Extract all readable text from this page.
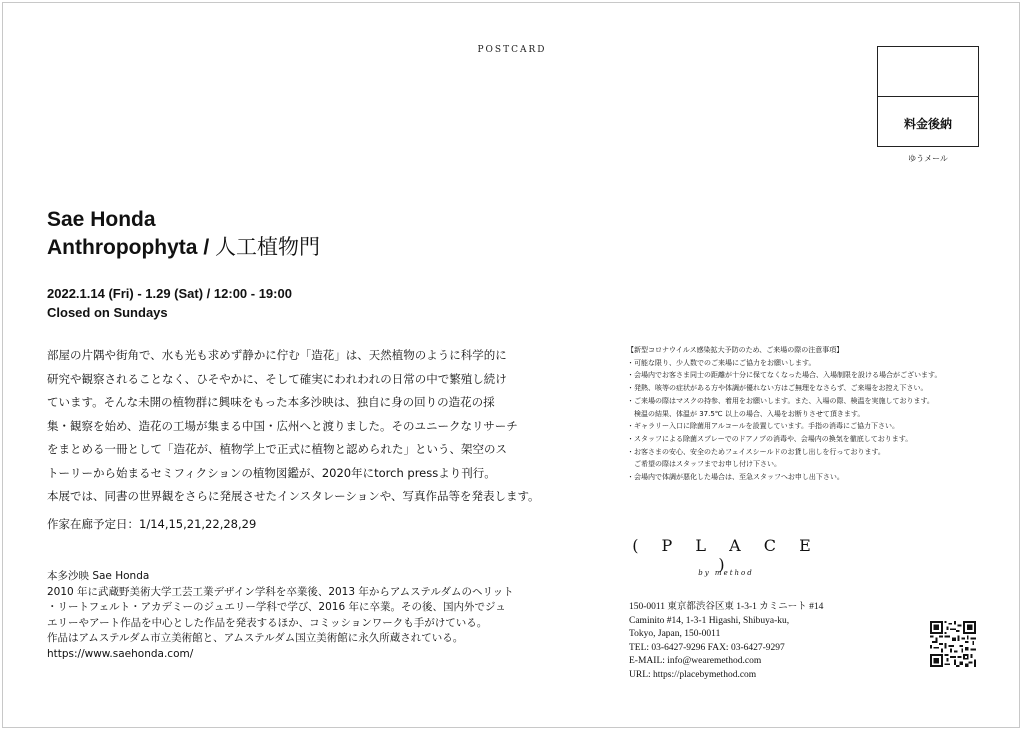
POSTCARD
料金後納
ゆうメール
Sae Honda
Anthropophyta / 人工植物門
2022.1.14 (Fri) - 1.29 (Sat) / 12:00 - 19:00
Closed on Sundays
部屋の片隅や街角で、水も光も求めず静かに佇む「造花」は、天然植物のように科学的に
研究や観察されることなく、ひそやかに、そして確実にわれわれの日常の中で繁殖し続け
ています。そんな未開の植物群に興味をもった本多沙映は、独自に身の回りの造花の採
集・観察を始め、造花の工場が集まる中国・広州へと渡りました。そのユニークなリサーチ
をまとめる一冊として「造花が、植物学上で正式に植物と認められた」という、架空のス
トーリーから始まるセミフィクションの植物図鑑が、2020年にtorch pressより刊行。
本展では、同書の世界観をさらに発展させたインスタレーションや、写真作品等を発表します。
作家在廊予定日：1/14,15,21,22,28,29
本多沙映 Sae Honda
2010 年に武蔵野美術大学工芸工業デザイン学科を卒業後、2013 年からアムステルダムのヘリット
・リートフェルト・アカデミーのジュエリー学科で学び、2016 年に卒業。その後、国内外でジュ
エリーやアート作品を中心とした作品を発表するほか、コミッションワークも手がけている。
作品はアムステルダム市立美術館と、アムステルダム国立美術館に永久所蔵されている。
https://www.saehonda.com/
【新型コロナウイルス感染拡大予防のため、ご来場の際の注意事項】
・可能な限り、少人数でのご来場にご協力をお願いします。
・会場内でお客さま同士の距離が十分に保てなくなった場合、入場制限を設ける場合がございます。
・発熱、咳等の症状がある方や体調が優れない方はご無理をなさらず、ご来場をお控え下さい。
・ご来場の際はマスクの持参、着用をお願いします。また、入場の際、検温を実施しております。
　検温の結果、体温が 37.5℃ 以上の場合、入場をお断りさせて頂きます。
・ギャラリー入口に除菌用アルコールを設置しています。手指の消毒にご協力下さい。
・スタッフによる除菌スプレーでのドアノブの消毒や、会場内の換気を徹底しております。
・お客さまの安心、安全のためフェイスシールドのお貸し出しを行っております。
　ご希望の際はスタッフまでお申し付け下さい。
・会場内で体調が悪化した場合は、至急スタッフへお申し出下さい。
( P L A C E )
by method
150-0011 東京都渋谷区東 1-3-1 カミニート #14
Caminito #14, 1-3-1 Higashi, Shibuya-ku,
Tokyo, Japan, 150-0011
TEL: 03-6427-9296 FAX: 03-6427-9297
E-MAIL: info@wearemethod.com
URL: https://placebymethod.com
